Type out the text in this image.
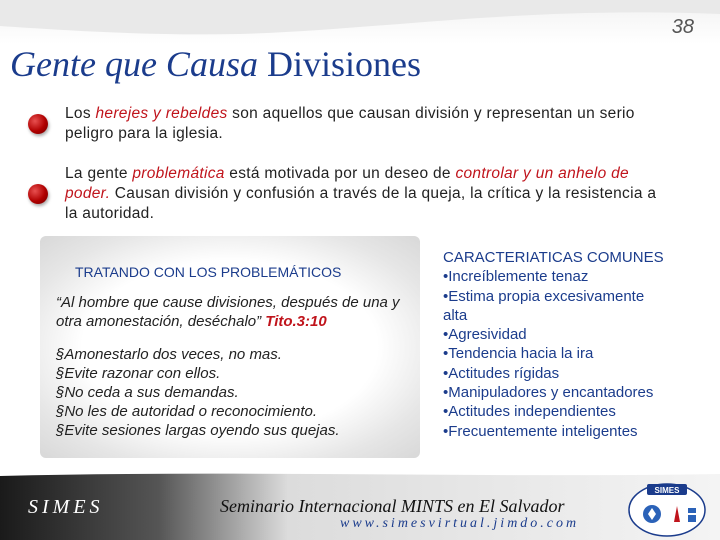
38
Gente que Causa Divisiones
Los herejes y rebeldes son aquellos que causan división y representan un serio peligro para la iglesia.
La gente problemática está motivada por un deseo de controlar y un anhelo de poder. Causan división y confusión a través de la queja, la crítica y la resistencia a la autoridad.
TRATANDO CON LOS PROBLEMÁTICOS
“Al hombre que cause divisiones, después de una y otra amonestación, deséchalo” Tito.3:10
§Amonestarlo dos veces, no mas.
§Evite razonar con ellos.
§No ceda a sus demandas.
§No les de autoridad o reconocimiento.
§Evite sesiones largas oyendo sus quejas.
CARACTERIATICAS COMUNES
•Increíblemente tenaz
•Estima propia excesivamente
alta
•Agresividad
•Tendencia hacia la ira
•Actitudes rígidas
•Manipuladores y encantadores
•Actitudes independientes
•Frecuentemente inteligentes
SIMES	Seminario Internacional MINTS en El Salvador
www.simesvirtual.jimdo.com
SIMES
